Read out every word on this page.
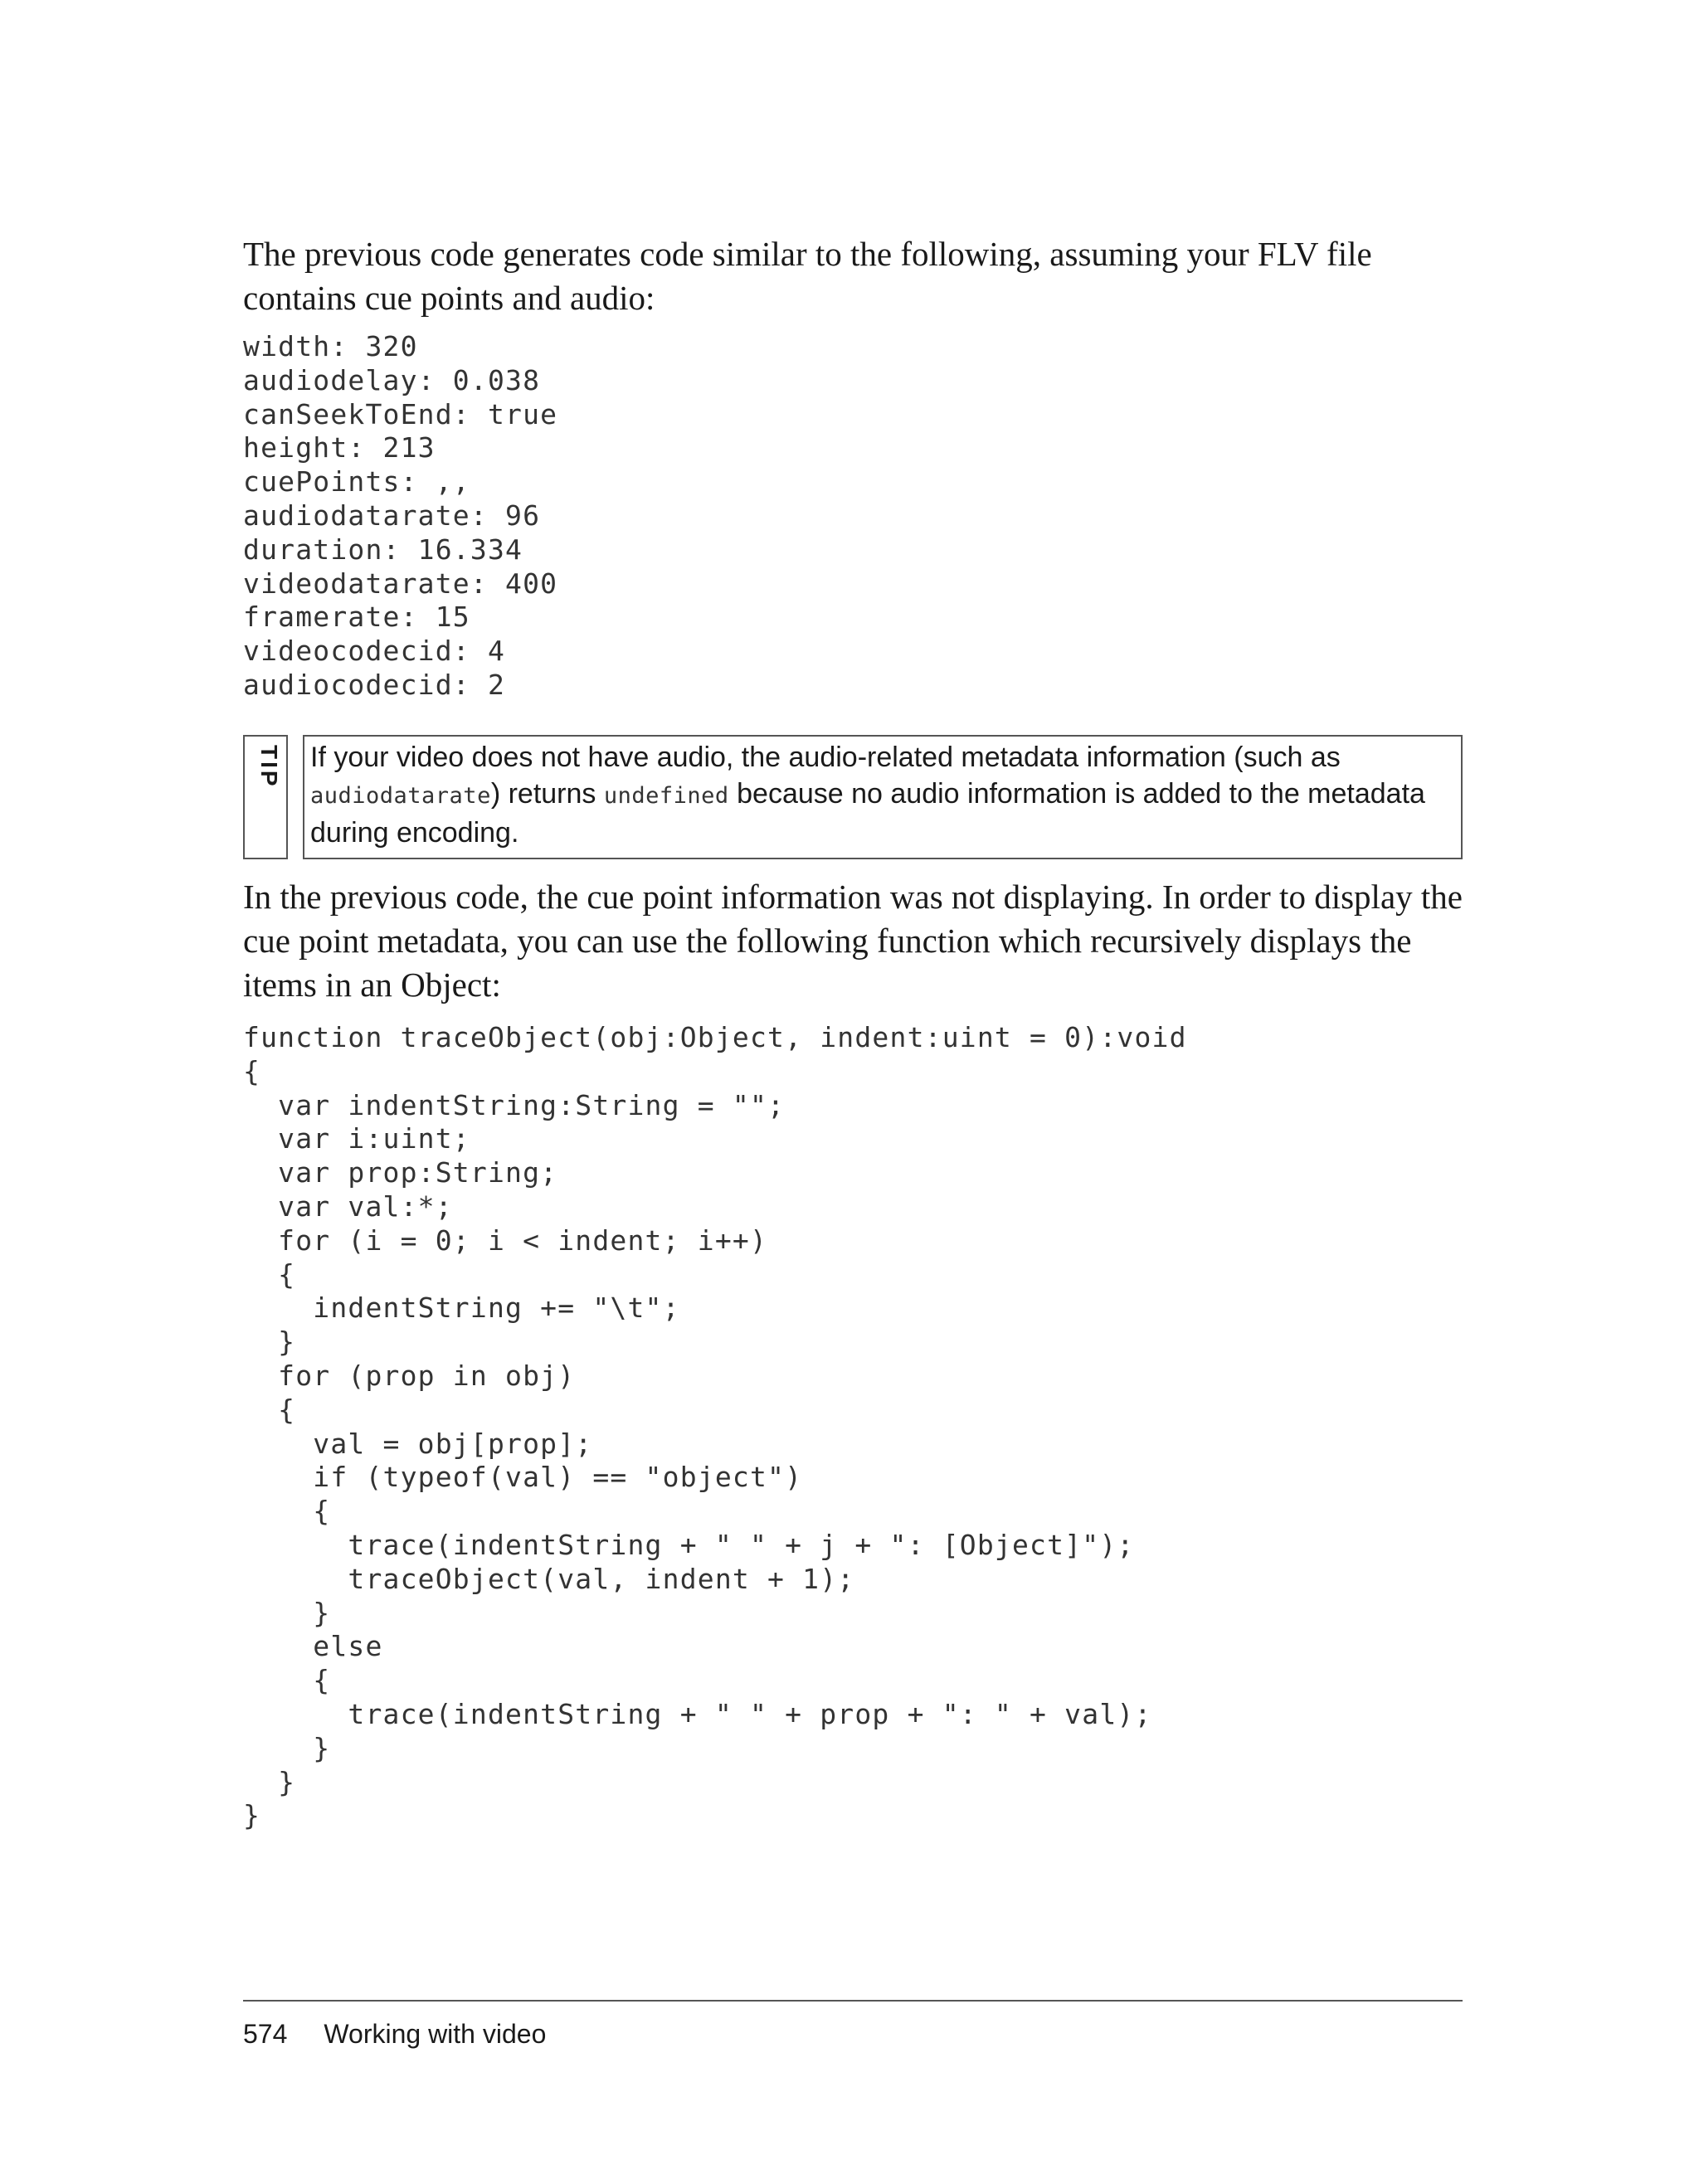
The previous code generates code similar to the following, assuming your FLV file contains cue points and audio:

width: 320
audiodelay: 0.038
canSeekToEnd: true
height: 213
cuePoints: ,,
audiodatarate: 96
duration: 16.334
videodatarate: 400
framerate: 15
videocodecid: 4
audiocodecid: 2
TIP If your video does not have audio, the audio-related metadata information (such as audiodatarate) returns undefined because no audio information is added to the metadata during encoding.

In the previous code, the cue point information was not displaying. In order to display the cue point metadata, you can use the following function which recursively displays the items in an Object:

function traceObject(obj:Object, indent:uint = 0):void
{
var indentString:String = "";
var i:uint;
var prop:String;
var val:*;
for (i = 0; i < indent; i++)
{
indentString += "\t";
}
for (prop in obj)
{
val = obj[prop];
if (typeof(val) == "object")
{
trace(indentString + " " + j + ": [Object]");
traceObject(val, indent + 1);
}
else
{
trace(indentString + " " + prop + ": " + val);
}
}
}
574 Working with video
